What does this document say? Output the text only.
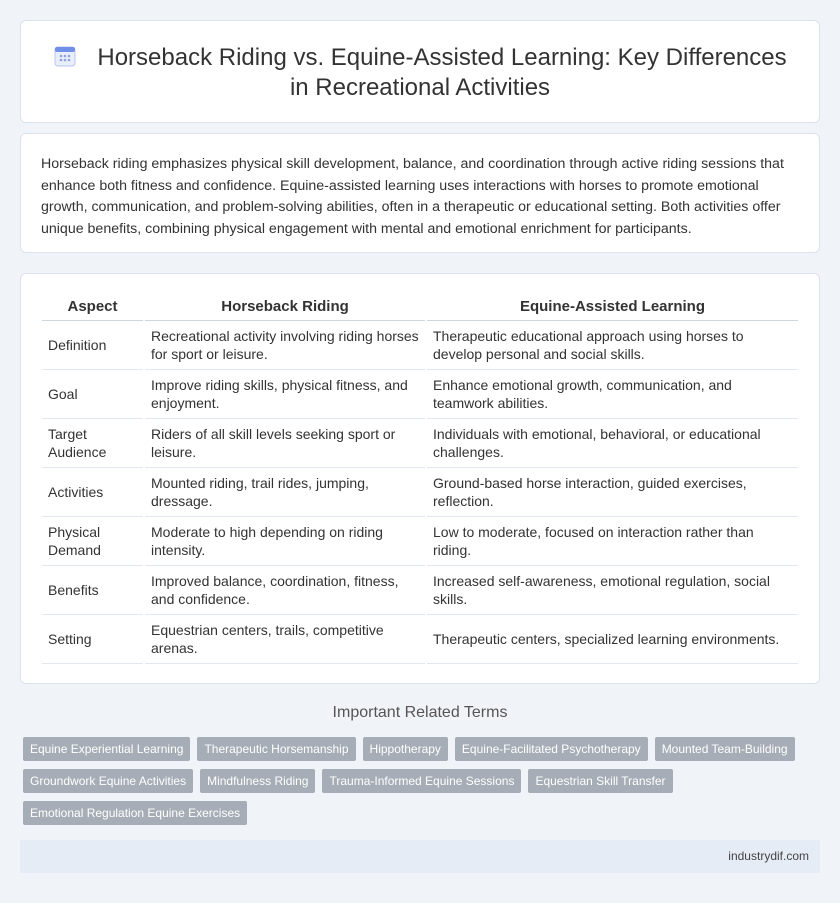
Horseback Riding vs. Equine-Assisted Learning: Key Differences in Recreational Activities

Horseback riding emphasizes physical skill development, balance, and coordination through active riding sessions that enhance both fitness and confidence. Equine-assisted learning uses interactions with horses to promote emotional growth, communication, and problem-solving abilities, often in a therapeutic or educational setting. Both activities offer unique benefits, combining physical engagement with mental and emotional enrichment for participants.

Aspect	Horseback Riding	Equine-Assisted Learning
Definition	Recreational activity involving riding horses for sport or leisure.	Therapeutic educational approach using horses to develop personal and social skills.
Goal	Improve riding skills, physical fitness, and enjoyment.	Enhance emotional growth, communication, and teamwork abilities.
Target Audience	Riders of all skill levels seeking sport or leisure.	Individuals with emotional, behavioral, or educational challenges.
Activities	Mounted riding, trail rides, jumping, dressage.	Ground-based horse interaction, guided exercises, reflection.
Physical Demand	Moderate to high depending on riding intensity.	Low to moderate, focused on interaction rather than riding.
Benefits	Improved balance, coordination, fitness, and confidence.	Increased self-awareness, emotional regulation, social skills.
Setting	Equestrian centers, trails, competitive arenas.	Therapeutic centers, specialized learning environments.
Important Related Terms
Equine Experiential Learning	Therapeutic Horsemanship	Hippotherapy	Equine-Facilitated Psychotherapy	Mounted Team-Building
Groundwork Equine Activities	Mindfulness Riding	Trauma-Informed Equine Sessions	Equestrian Skill Transfer
Emotional Regulation Equine Exercises
industrydif.com
